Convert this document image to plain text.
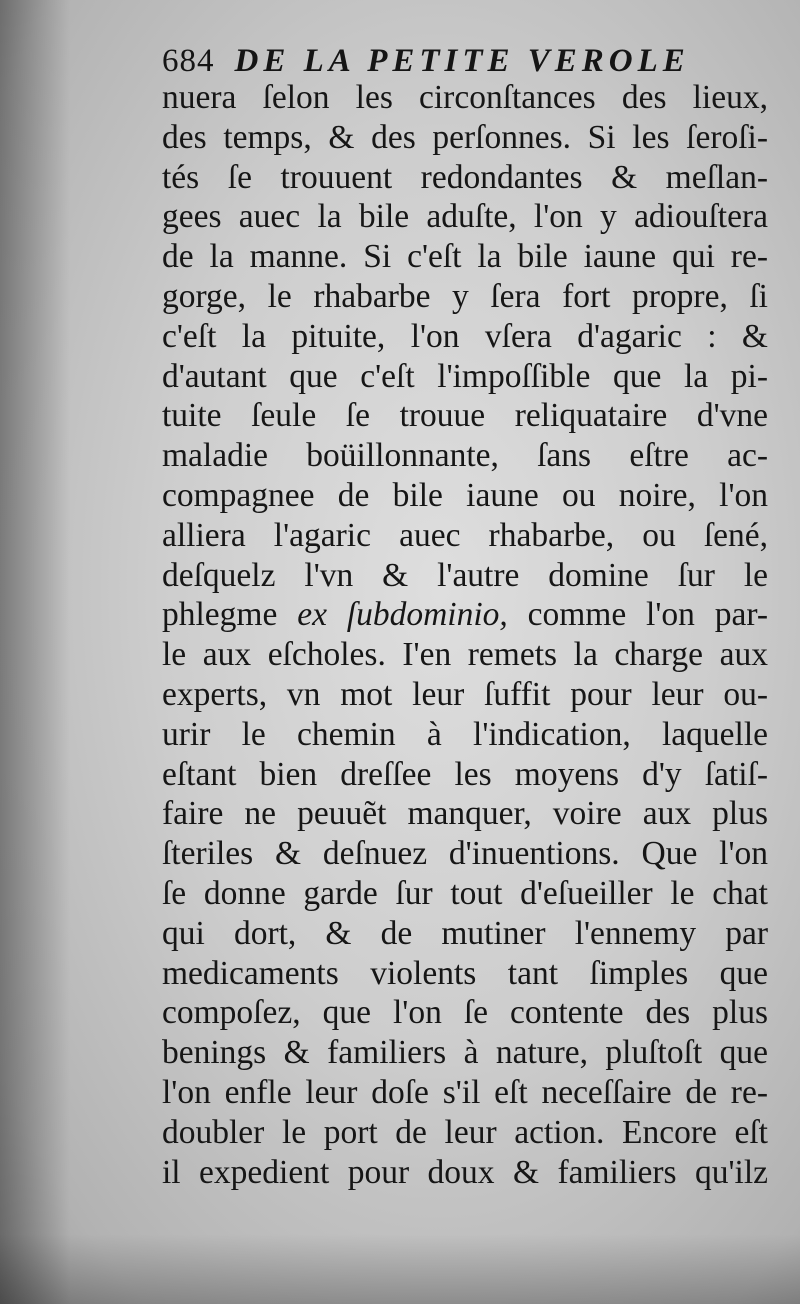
684 DE LA PETITE VEROLE
nuera ſelon les circonſtances des lieux,
des temps, & des perſonnes. Si les ſeroſi-
tés ſe trouuent redondantes & meſlan-
gees auec la bile aduſte, l'on y adiouſtera
de la manne. Si c'eſt la bile iaune qui re-
gorge, le rhabarbe y ſera fort propre, ſi
c'eſt la pituite, l'on vſera d'agaric : &
d'autant que c'eſt l'impoſſible que la pi-
tuite ſeule ſe trouue reliquataire d'vne
maladie boüillonnante, ſans eſtre ac-
compagnee de bile iaune ou noire, l'on
alliera l'agaric auec rhabarbe, ou ſené,
deſquelz l'vn & l'autre domine ſur le
phlegme ex ſubdominio, comme l'on par-
le aux eſcholes. I'en remets la charge aux
experts, vn mot leur ſuffit pour leur ou-
urir le chemin à l'indication, laquelle
eſtant bien dreſſee les moyens d'y ſatiſ-
faire ne peuuẽt manquer, voire aux plus
ſteriles & deſnuez d'inuentions. Que l'on
ſe donne garde ſur tout d'eſueiller le chat
qui dort, & de mutiner l'ennemy par
medicaments violents tant ſimples que
compoſez, que l'on ſe contente des plus
benings & familiers à nature, pluſtoſt que
l'on enfle leur doſe s'il eſt neceſſaire de re-
doubler le port de leur action. Encore eſt
il expedient pour doux & familiers qu'ilz
